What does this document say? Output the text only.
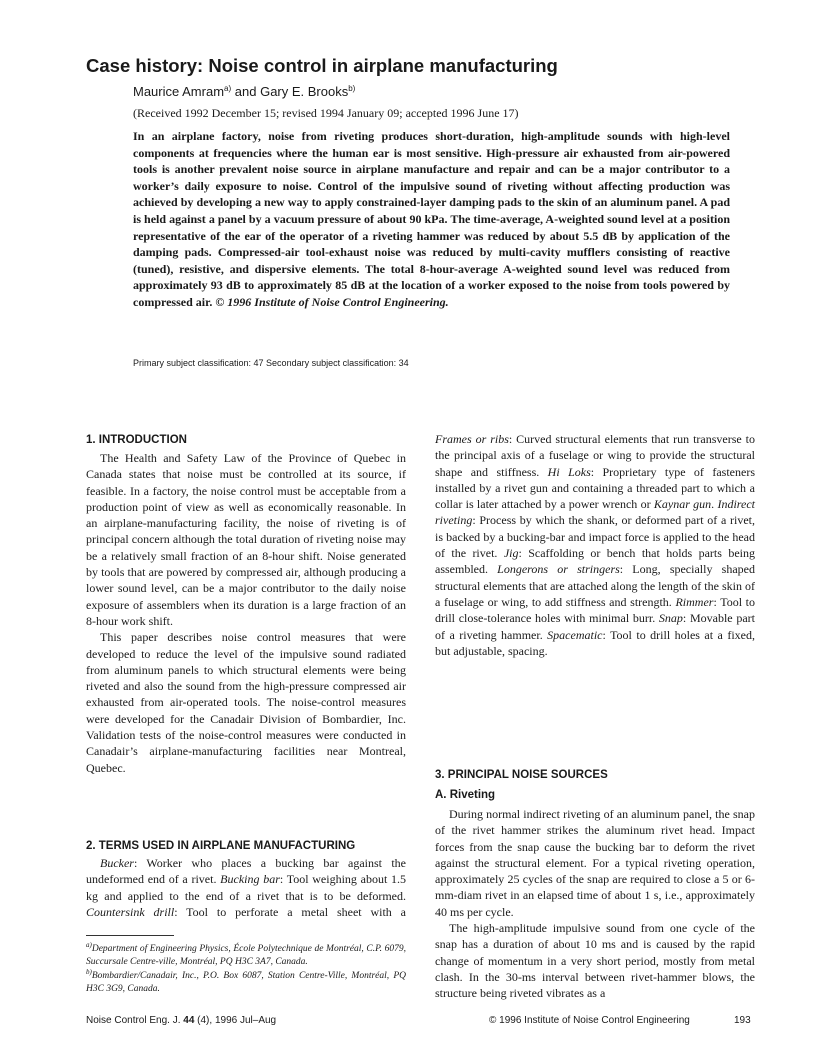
Case history: Noise control in airplane manufacturing
Maurice Amram$^{a)}$ and Gary E. Brooks$^{b)}$
(Received 1992 December 15; revised 1994 January 09; accepted 1996 June 17)
In an airplane factory, noise from riveting produces short-duration, high-amplitude sounds with high-level components at frequencies where the human ear is most sensitive. High-pressure air exhausted from air-powered tools is another prevalent noise source in airplane manufacture and repair and can be a major contributor to a worker’s daily exposure to noise. Control of the impulsive sound of riveting without affecting production was achieved by developing a new way to apply constrained-layer damping pads to the skin of an aluminum panel. A pad is held against a panel by a vacuum pressure of about 90 kPa. The time-average, A-weighted sound level at a position representative of the ear of the operator of a riveting hammer was reduced by about 5.5 dB by application of the damping pads. Compressed-air tool-exhaust noise was reduced by multi-cavity mufflers consisting of reactive (tuned), resistive, and dispersive elements. The total 8-hour-average A-weighted sound level was reduced from approximately 93 dB to approximately 85 dB at the location of a worker exposed to the noise from tools powered by compressed air. © 1996 Institute of Noise Control Engineering.
Primary subject classification: 47 Secondary subject classification: 34
1. INTRODUCTION

The Health and Safety Law of the Province of Quebec in Canada states that noise must be controlled at its source, if feasible. In a factory, the noise control must be acceptable from a production point of view as well as economically reasonable. In an airplane-manufacturing facility, the noise of riveting is of principal concern although the total duration of riveting noise may be a relatively small fraction of an 8-hour shift. Noise generated by tools that are powered by compressed air, although producing a lower sound level, can be a major contributor to the daily noise exposure of assemblers when its duration is a large fraction of an 8-hour work shift.

This paper describes noise control measures that were developed to reduce the level of the impulsive sound radiated from aluminum panels to which structural elements were being riveted and also the sound from the high-pressure compressed air exhausted from air-operated tools. The noise-control measures were developed for the Canadair Division of Bombardier, Inc. Validation tests of the noise-control measures were conducted in Canadair’s airplane-manufacturing facilities near Montreal, Quebec.

2. TERMS USED IN AIRPLANE MANUFACTURING

Bucker: Worker who places a bucking bar against the undeformed end of a rivet. Bucking bar: Tool weighing about 1.5 kg and applied to the end of a rivet that is to be deformed. Countersink drill: Tool to perforate a metal sheet with a

$^{a)}$Department of Engineering Physics, École Polytechnique de Montréal, C.P. 6079, Succursale Centre-ville, Montréal, PQ H3C 3A7, Canada.
$^{b)}$Bombardier/Canadair, Inc., P.O. Box 6087, Station Centre-Ville, Montréal, PQ H3C 3G9, Canada.

Frames or ribs: Curved structural elements that run transverse to the principal axis of a fuselage or wing to provide the structural shape and stiffness. Hi Loks: Proprietary type of fasteners installed by a rivet gun and containing a threaded part to which a collar is later attached by a power wrench or Kaynar gun. Indirect riveting: Process by which the shank, or deformed part of a rivet, is backed by a bucking-bar and impact force is applied to the head of the rivet. Jig: Scaffolding or bench that holds parts being assembled. Longerons or stringers: Long, specially shaped structural elements that are attached along the length of the skin of a fuselage or wing, to add stiffness and strength. Rimmer: Tool to drill close-tolerance holes with minimal burr. Snap: Movable part of a riveting hammer. Spacematic: Tool to drill holes at a fixed, but adjustable, spacing.

3. PRINCIPAL NOISE SOURCES
A. Riveting

During normal indirect riveting of an aluminum panel, the snap of the rivet hammer strikes the aluminum rivet head. Impact forces from the snap cause the bucking bar to deform the rivet against the structural element. For a typical riveting operation, approximately 25 cycles of the snap are required to close a 5 or 6-mm-diam rivet in an elapsed time of about 1 s, i.e., approximately 40 ms per cycle.

The high-amplitude impulsive sound from one cycle of the snap has a duration of about 10 ms and is caused by the rapid change of momentum in a very short period, mostly from metal clash. In the 30-ms interval between rivet-hammer blows, the structure being riveted vibrates as a

Noise Control Eng. J. 44 (4), 1996 Jul–Aug	© 1996 Institute of Noise Control Engineering	193
